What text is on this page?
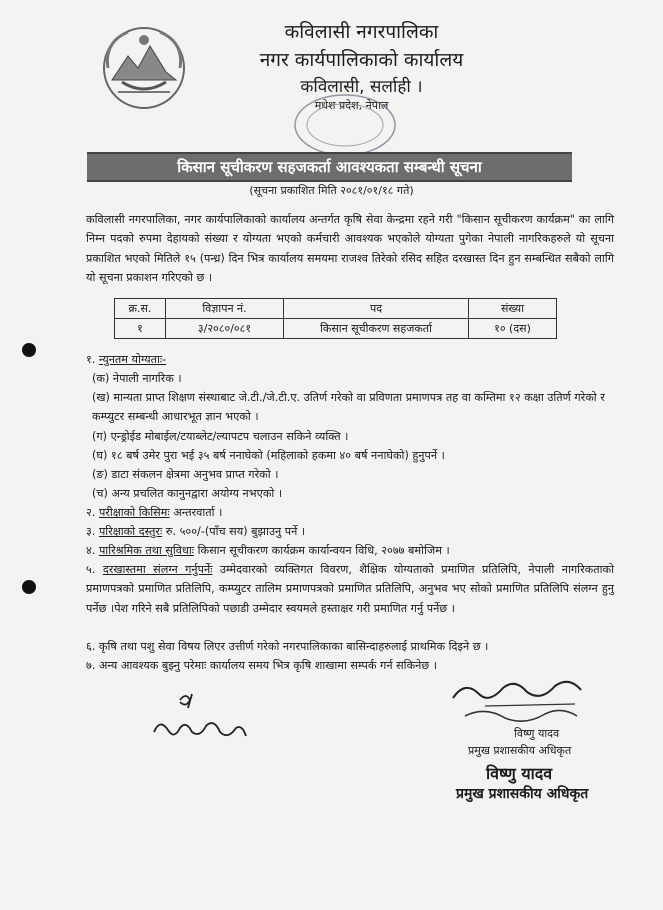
कविलासी नगरपालिका
नगर कार्यपालिकाको कार्यालय
कविलासी, सर्लाही ।
मधेश प्रदेश, नेपाल
किसान सूचीकरण सहजकर्ता आवश्यकता सम्बन्धी सूचना
(सूचना प्रकाशित मिति २०८१/०१/१८ गते)
कविलासी नगरपालिका, नगर कार्यपालिकाको कार्यालय अन्तर्गत कृषि सेवा केन्द्रमा रहने गरी "किसान सूचीकरण कार्यक्रम" का लागि निम्न पदको रुपमा देहायको संख्या र योग्यता भएको कर्मचारी आवश्यक भएकोले योग्यता पुगेका नेपाली नागरिकहरुले यो सूचना प्रकाशित भएको मितिले १५ (पन्ध्र) दिन भित्र कार्यालय समयमा राजश्व तिरेको रसिद सहित दरखास्त दिन हुन सम्बन्धित सबैको लागि यो सूचना प्रकाशन गरिएको छ ।
क्र.स.	विज्ञापन नं.	पद	संख्या
१	३/२०८०/०८१	किसान सूचीकरण सहजकर्ता	१० (दस)
१. न्युनतम योग्यताः-
(क) नेपाली नागरिक ।
(ख) मान्यता प्राप्त शिक्षण संस्थाबाट जे.टी./जे.टी.ए. उतिर्ण गरेको वा प्रविणता प्रमाणपत्र तह वा कम्तिमा १२ कक्षा उतिर्ण गरेको र कम्प्युटर सम्बन्धी आधारभूत ज्ञान भएको ।
(ग) एन्ड्रोईड मोबाईल/टयाब्लेट/ल्यापटप चलाउन सकिने व्यक्ति ।
(घ) १८ बर्ष उमेर पुरा भई ३५ बर्ष ननाघेको (महिलाको हकमा ४० बर्ष ननाघेको) हुनुपर्ने ।
(ङ) डाटा संकलन क्षेत्रमा अनुभव प्राप्त गरेको ।
(च) अन्य प्रचलित कानुनद्वारा अयोग्य नभएको ।
२. परीक्षाको किसिमः अन्तरवार्ता ।
३. परिक्षाको दस्तुरः रु. ५००/-(पाँच सय) बुझाउनु पर्ने ।
४. पारिश्रमिक तथा सुविधाः किसान सूचीकरण कार्यक्रम कार्यान्वयन विधि, २०७७ बमोजिम ।
५. दरखास्तमा संलग्न गर्नुपर्नेः उम्मेदवारको व्यक्तिगत विवरण, शैक्षिक योग्यताको प्रमाणित प्रतिलिपि, नेपाली नागरिकताको प्रमाणपत्रको प्रमाणित प्रतिलिपि, कम्प्युटर तालिम प्रमाणपत्रको प्रमाणित प्रतिलिपि, अनुभव भए सोको प्रमाणित प्रतिलिपि संलग्न हुनु पर्नेछ ।पेश गरिने सबै प्रतिलिपिको पछाडी उम्मेदार स्वयमले हस्ताक्षर गरी प्रमाणित गर्नु पर्नेछ ।
६. कृषि तथा पशु सेवा विषय लिएर उत्तीर्ण गरेको नगरपालिकाका बासिन्दाहरुलाई प्राथमिक दिइने छ ।
७. अन्य आवश्यक बुझ्नु परेमाः कार्यालय समय भित्र कृषि शाखामा सम्पर्क गर्न सकिनेछ ।
विष्णु यादव
प्रमुख प्रशासकीय अधिकृत
विष्णु यादव
प्रमुख प्रशासकीय अधिकृत
